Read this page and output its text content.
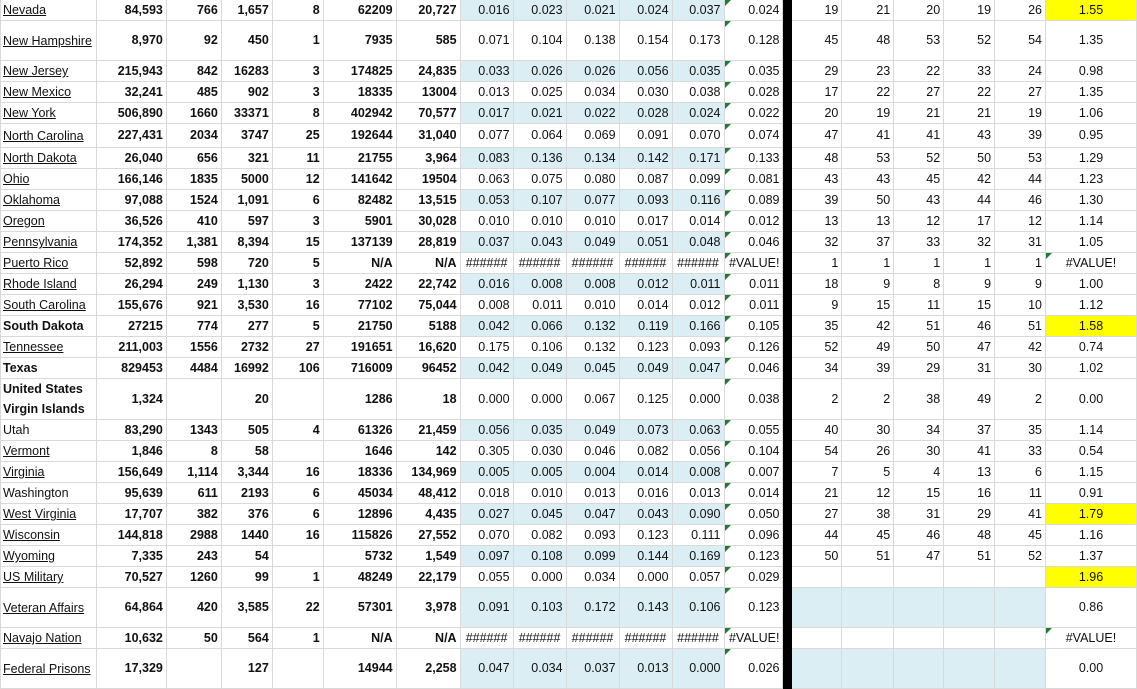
Nevada	84,593	766	1,657	8	62209	20,727	0.016	0.023	0.021	0.024	0.037	0.024		19	21	20	19	26	1.55
New Hampshire	8,970	92	450	1	7935	585	0.071	0.104	0.138	0.154	0.173	0.128		45	48	53	52	54	1.35
New Jersey	215,943	842	16283	3	174825	24,835	0.033	0.026	0.026	0.056	0.035	0.035		29	23	22	33	24	0.98
New Mexico	32,241	485	902	3	18335	13004	0.013	0.025	0.034	0.030	0.038	0.028		17	22	27	22	27	1.35
New York	506,890	1660	33371	8	402942	70,577	0.017	0.021	0.022	0.028	0.024	0.022		20	19	21	21	19	1.06
North Carolina	227,431	2034	3747	25	192644	31,040	0.077	0.064	0.069	0.091	0.070	0.074		47	41	41	43	39	0.95
North Dakota	26,040	656	321	11	21755	3,964	0.083	0.136	0.134	0.142	0.171	0.133		48	53	52	50	53	1.29
Ohio	166,146	1835	5000	12	141642	19504	0.063	0.075	0.080	0.087	0.099	0.081		43	43	45	42	44	1.23
Oklahoma	97,088	1524	1,091	6	82482	13,515	0.053	0.107	0.077	0.093	0.116	0.089		39	50	43	44	46	1.30
Oregon	36,526	410	597	3	5901	30,028	0.010	0.010	0.010	0.017	0.014	0.012		13	13	12	17	12	1.14
Pennsylvania	174,352	1,381	8,394	15	137139	28,819	0.037	0.043	0.049	0.051	0.048	0.046		32	37	33	32	31	1.05
Puerto Rico	52,892	598	720	5	N/A	N/A	######	######	######	######	######	#VALUE!		1	1	1	1	1	#VALUE!
Rhode Island	26,294	249	1,130	3	2422	22,742	0.016	0.008	0.008	0.012	0.011	0.011		18	9	8	9	9	1.00
South Carolina	155,676	921	3,530	16	77102	75,044	0.008	0.011	0.010	0.014	0.012	0.011		9	15	11	15	10	1.12
South Dakota	27215	774	277	5	21750	5188	0.042	0.066	0.132	0.119	0.166	0.105		35	42	51	46	51	1.58
Tennessee	211,003	1556	2732	27	191651	16,620	0.175	0.106	0.132	0.123	0.093	0.126		52	49	50	47	42	0.74
Texas	829453	4484	16992	106	716009	96452	0.042	0.049	0.045	0.049	0.047	0.046		34	39	29	31	30	1.02
United States Virgin Islands	1,324		20		1286	18	0.000	0.000	0.067	0.125	0.000	0.038		2	2	38	49	2	0.00
Utah	83,290	1343	505	4	61326	21,459	0.056	0.035	0.049	0.073	0.063	0.055		40	30	34	37	35	1.14
Vermont	1,846	8	58		1646	142	0.305	0.030	0.046	0.082	0.056	0.104		54	26	30	41	33	0.54
Virginia	156,649	1,114	3,344	16	18336	134,969	0.005	0.005	0.004	0.014	0.008	0.007		7	5	4	13	6	1.15
Washington	95,639	611	2193	6	45034	48,412	0.018	0.010	0.013	0.016	0.013	0.014		21	12	15	16	11	0.91
West Virginia	17,707	382	376	6	12896	4,435	0.027	0.045	0.047	0.043	0.090	0.050		27	38	31	29	41	1.79
Wisconsin	144,818	2988	1440	16	115826	27,552	0.070	0.082	0.093	0.123	0.111	0.096		44	45	46	48	45	1.16
Wyoming	7,335	243	54		5732	1,549	0.097	0.108	0.099	0.144	0.169	0.123		50	51	47	51	52	1.37
US Military	70,527	1260	99	1	48249	22,179	0.055	0.000	0.034	0.000	0.057	0.029							1.96
Veteran Affairs	64,864	420	3,585	22	57301	3,978	0.091	0.103	0.172	0.143	0.106	0.123							0.86
Navajo Nation	10,632	50	564	1	N/A	N/A	######	######	######	######	######	#VALUE!							#VALUE!
Federal Prisons	17,329		127		14944	2,258	0.047	0.034	0.037	0.013	0.000	0.026							0.00
